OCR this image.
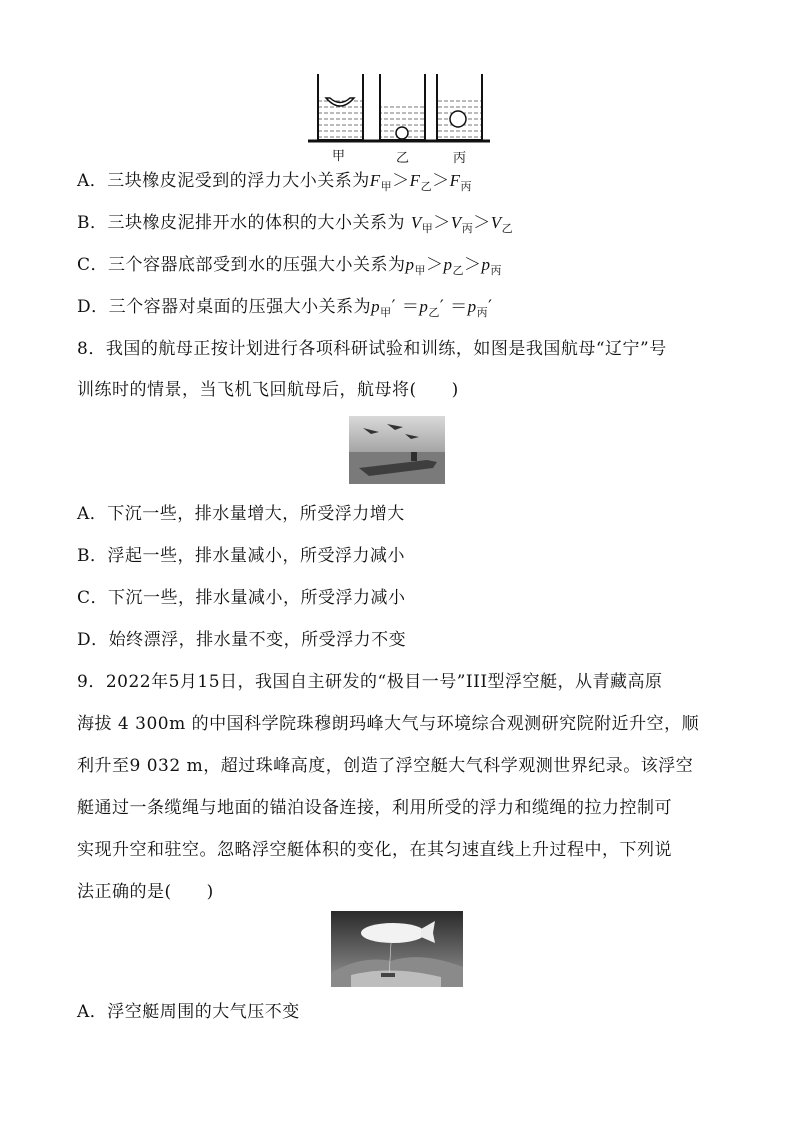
甲	乙	丙
A．三块橡皮泥受到的浮力大小关系为$F_甲>F_乙>F_丙$
B．三块橡皮泥排开水的体积的大小关系为 $V_甲>V_丙>V_乙$
C．三个容器底部受到水的压强大小关系为$p_甲>p_乙>p_丙$
D．三个容器对桌面的压强大小关系为$p_甲' =p_乙' =p_丙'$
8．我国的航母正按计划进行各项科研试验和训练，如图是我国航母“辽宁”号
训练时的情景，当飞机飞回航母后，航母将(　　)
A．下沉一些，排水量增大，所受浮力增大
B．浮起一些，排水量减小，所受浮力减小
C．下沉一些，排水量减小，所受浮力减小
D．始终漂浮，排水量不变，所受浮力不变
9．2022年5月15日，我国自主研发的“极目一号”III型浮空艇，从青藏高原
海拔 4 300m 的中国科学院珠穆朗玛峰大气与环境综合观测研究院附近升空，顺
利升至9 032 m，超过珠峰高度，创造了浮空艇大气科学观测世界纪录。该浮空
艇通过一条缆绳与地面的锚泊设备连接，利用所受的浮力和缆绳的拉力控制可
实现升空和驻空。忽略浮空艇体积的变化，在其匀速直线上升过程中，下列说
法正确的是(　　)
A．浮空艇周围的大气压不变
